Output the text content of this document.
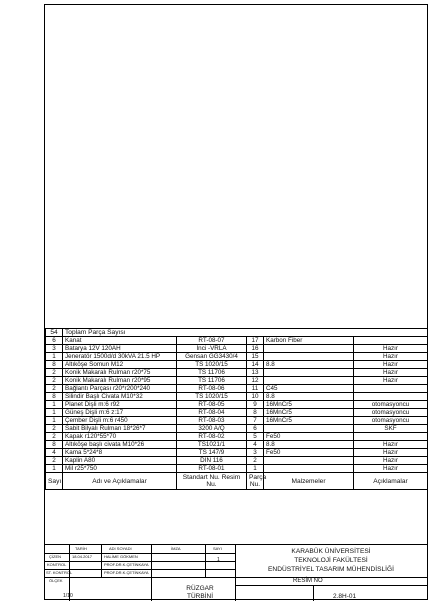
54	Toplam Parça Sayısı				
6	Kanat	RT-08-07	17	Karbon Fiber	
3	Batarya 12V 120AH	İnci -VRLA	16		Hazır
1	Jeneratör 1500d/d 30kVA 21.5 HP	Gensan GG3430/4	15		Hazır
8	Altıköşe Somun M12	TS 1020/15	14	8.8	Hazır
2	Konik Makaralı Rulman r20*75	TS 11706	13		Hazır
2	Konik Makaralı Rulman r20*95	TS 11706	12		Hazır
2	Bağlantı Parçası r20*r200*240	RT-08-06	11	C45	
8	Silindir Başlı Civata M10*32	TS 1020/15	10	8.8	
1	Planet Dişli m:6 r92	RT-08-05	9	16MnCr5	otomasyoncu
1	Güneş Dişli m:6 z:17	RT-08-04	8	16MnCr5	otomasyoncu
1	Çember Dişli m:6 r450	RT-08-03	7	16MnCr5	otomasyoncu
2	Sabit Bilyalı Rulman 18*26*7	3200 A/Q	6		SKF
2	Kapak r120*55*70	RT-08-02	5	Fe50	
8	Altıköşe başlı civata M10*26	TS1021/1	4	8.8	Hazır
4	Kama 5*24*8	TS 147/9	3	Fe50	Hazır
2	Kaplin A80	DIN 116	2		Hazır
1	Mil r25*750	RT-08-01	1		Hazır
Sayı	Adı ve Açıklamalar	Standart Nu. Resim Nu.	Parça Nu.	Malzemeler	Açıklamalar
TARİH	ADI SOYADI	İMZA	SAYI
ÇİZEN	18.04.2017	HALİME GÖKMEN
1
KONTROL	PROF.DR.K.ÇETİNKAYA
ST. KONTROL	PROF.DR.K.ÇETİNKAYA
ÖLÇEK
KARABÜK ÜNİVERSİTESİ
TEKNOLOJİ FAKÜLTESİ
ENDÜSTRİYEL TASARIM MÜHENDİSLİĞİ
RESİM NO
1/10
RÜZGAR
TÜRBİNİ	2.8H-01
